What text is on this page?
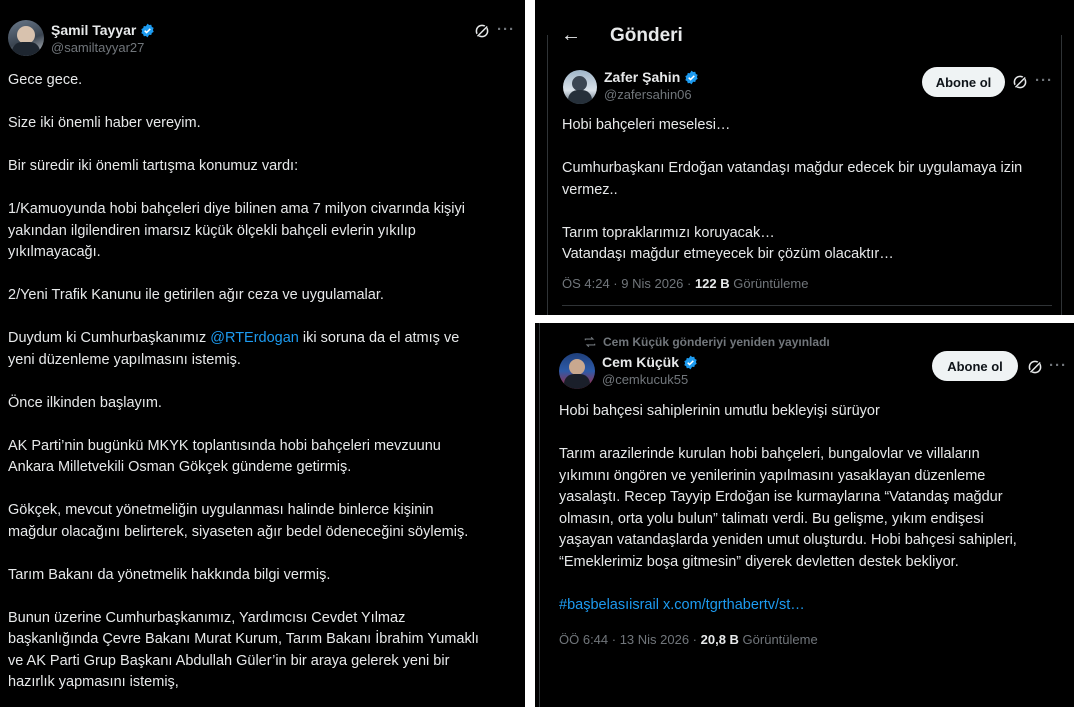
Şamil Tayyar
@samiltayyar27
···

Gece gece.

Size iki önemli haber vereyim.

Bir süredir iki önemli tartışma konumuz vardı:

1/Kamuoyunda hobi bahçeleri diye bilinen ama 7 milyon civarında kişiyi

yakından ilgilendiren imarsız küçük ölçekli bahçeli evlerin yıkılıp

yıkılmayacağı.

2/Yeni Trafik Kanunu ile getirilen ağır ceza ve uygulamalar.

Duydum ki Cumhurbaşkanımız @RTErdogan iki soruna da el atmış ve

yeni düzenleme yapılmasını istemiş.

Önce ilkinden başlayım.

AK Parti’nin bugünkü MKYK toplantısında hobi bahçeleri mevzuunu

Ankara Milletvekili Osman Gökçek gündeme getirmiş.

Gökçek, mevcut yönetmeliğin uygulanması halinde binlerce kişinin

mağdur olacağını belirterek, siyaseten ağır bedel ödeneceğini söylemiş.

Tarım Bakanı da yönetmelik hakkında bilgi vermiş.

Bunun üzerine Cumhurbaşkanımız, Yardımcısı Cevdet Yılmaz

başkanlığında Çevre Bakanı Murat Kurum, Tarım Bakanı İbrahim Yumaklı

ve AK Parti Grup Başkanı Abdullah Güler’in bir araya gelerek yeni bir

hazırlık yapmasını istemiş,

← Gönderi
Zafer Şahin
@zafersahin06
Abone ol	···

Hobi bahçeleri meselesi…

Cumhurbaşkanı Erdoğan vatandaşı mağdur edecek bir uygulamaya izin

vermez..

Tarım topraklarımızı koruyacak…

Vatandaşı mağdur etmeyecek bir çözüm olacaktır…

ÖS 4:24 · 9 Nis 2026 · 122 B Görüntüleme
Cem Küçük gönderiyi yeniden yayınladı
Cem Küçük
@cemkucuk55
Abone ol	···

Hobi bahçesi sahiplerinin umutlu bekleyişi sürüyor

Tarım arazilerinde kurulan hobi bahçeleri, bungalovlar ve villaların

yıkımını öngören ve yenilerinin yapılmasını yasaklayan düzenleme

yasalaştı. Recep Tayyip Erdoğan ise kurmaylarına “Vatandaş mağdur

olmasın, orta yolu bulun” talimatı verdi. Bu gelişme, yıkım endişesi

yaşayan vatandaşlarda yeniden umut oluşturdu. Hobi bahçesi sahipleri,

“Emeklerimiz boşa gitmesin” diyerek devletten destek bekliyor.

#başbelasıisrail x.com/tgrthabertv/st…

ÖÖ 6:44 · 13 Nis 2026 · 20,8 B Görüntüleme
